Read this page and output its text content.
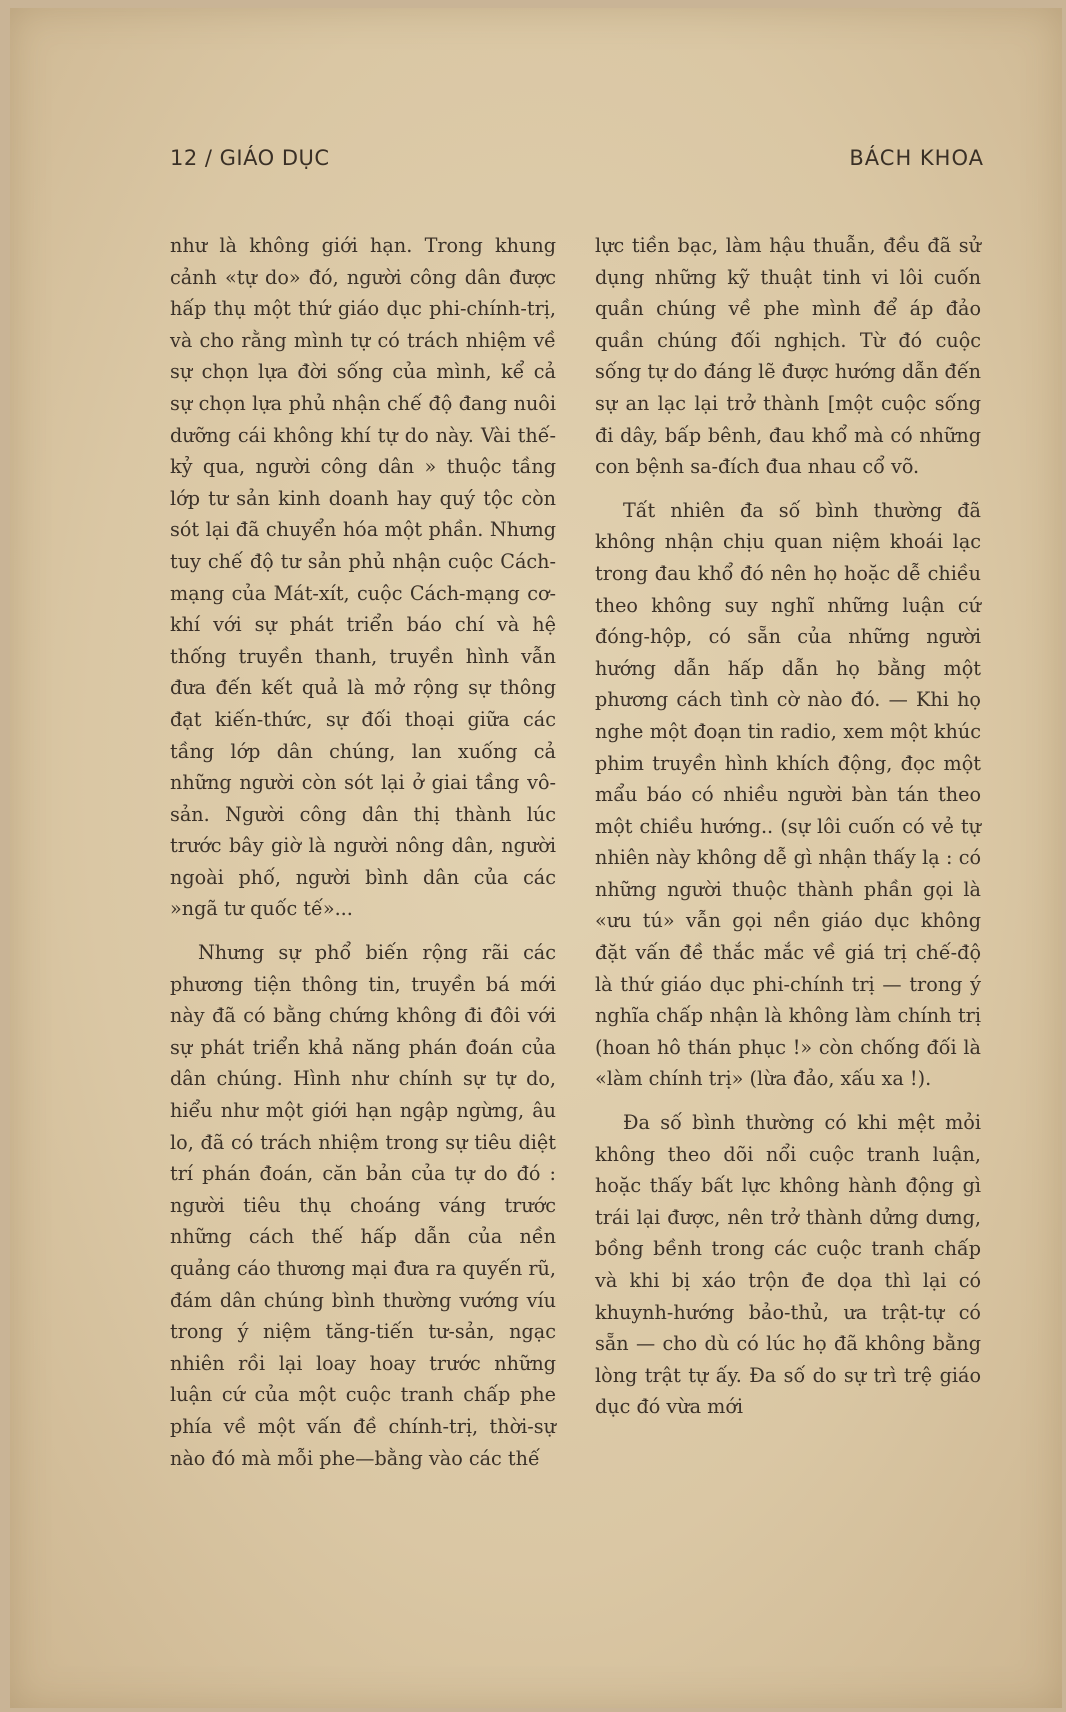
12 / GIÁO DỤC	BÁCH KHOA

như là không giới hạn. Trong khung cảnh «tự do» đó, người công dân được hấp thụ một thứ giáo dục phi-chính-trị, và cho rằng mình tự có trách nhiệm về sự chọn lựa đời sống của mình, kể cả sự chọn lựa phủ nhận chế độ đang nuôi dưỡng cái không khí tự do này. Vài thế-kỷ qua, người công dân » thuộc tầng lớp tư sản kinh doanh hay quý tộc còn sót lại đã chuyển hóa một phần. Nhưng tuy chế độ tư sản phủ nhận cuộc Cách-mạng của Mát-xít, cuộc Cách-mạng cơ-khí với sự phát triển báo chí và hệ thống truyền thanh, truyền hình vẫn đưa đến kết quả là mở rộng sự thông đạt kiến-thức, sự đối thoại giữa các tầng lớp dân chúng, lan xuống cả những người còn sót lại ở giai tầng vô-sản. Người công dân thị thành lúc trước bây giờ là người nông dân, người ngoài phố, người bình dân của các »ngã tư quốc tế»...

Nhưng sự phổ biến rộng rãi các phương tiện thông tin, truyền bá mới này đã có bằng chứng không đi đôi với sự phát triển khả năng phán đoán của dân chúng. Hình như chính sự tự do, hiểu như một giới hạn ngập ngừng, âu lo, đã có trách nhiệm trong sự tiêu diệt trí phán đoán, căn bản của tự do đó : người tiêu thụ choáng váng trước những cách thế hấp dẫn của nền quảng cáo thương mại đưa ra quyến rũ, đám dân chúng bình thường vướng víu trong ý niệm tăng-tiến tư-sản, ngạc nhiên rồi lại loay hoay trước những luận cứ của một cuộc tranh chấp phe phía về một vấn đề chính-trị, thời-sự nào đó mà mỗi phe—bằng vào các thế

lực tiền bạc, làm hậu thuẫn, đều đã sử dụng những kỹ thuật tinh vi lôi cuốn quần chúng về phe mình để áp đảo quần chúng đối nghịch. Từ đó cuộc sống tự do đáng lẽ được hướng dẫn đến sự an lạc lại trở thành [một cuộc sống đi dây, bấp bênh, đau khổ mà có những con bệnh sa-đích đua nhau cổ võ.

Tất nhiên đa số bình thường đã không nhận chịu quan niệm khoái lạc trong đau khổ đó nên họ hoặc dễ chiều theo không suy nghĩ những luận cứ đóng-hộp, có sẵn của những người hướng dẫn hấp dẫn họ bằng một phương cách tình cờ nào đó. — Khi họ nghe một đoạn tin radio, xem một khúc phim truyền hình khích động, đọc một mẩu báo có nhiều người bàn tán theo một chiều hướng.. (sự lôi cuốn có vẻ tự nhiên này không dễ gì nhận thấy lạ : có những người thuộc thành phần gọi là «ưu tú» vẫn gọi nền giáo dục không đặt vấn đề thắc mắc về giá trị chế-độ là thứ giáo dục phi-chính trị — trong ý nghĩa chấp nhận là không làm chính trị (hoan hô thán phục !» còn chống đối là «làm chính trị» (lừa đảo, xấu xa !).

Đa số bình thường có khi mệt mỏi không theo dõi nổi cuộc tranh luận, hoặc thấy bất lực không hành động gì trái lại được, nên trở thành dửng dưng, bồng bềnh trong các cuộc tranh chấp và khi bị xáo trộn đe dọa thì lại có khuynh-hướng bảo-thủ, ưa trật-tự có sẵn — cho dù có lúc họ đã không bằng lòng trật tự ấy. Đa số do sự trì trệ giáo dục đó vừa mới
